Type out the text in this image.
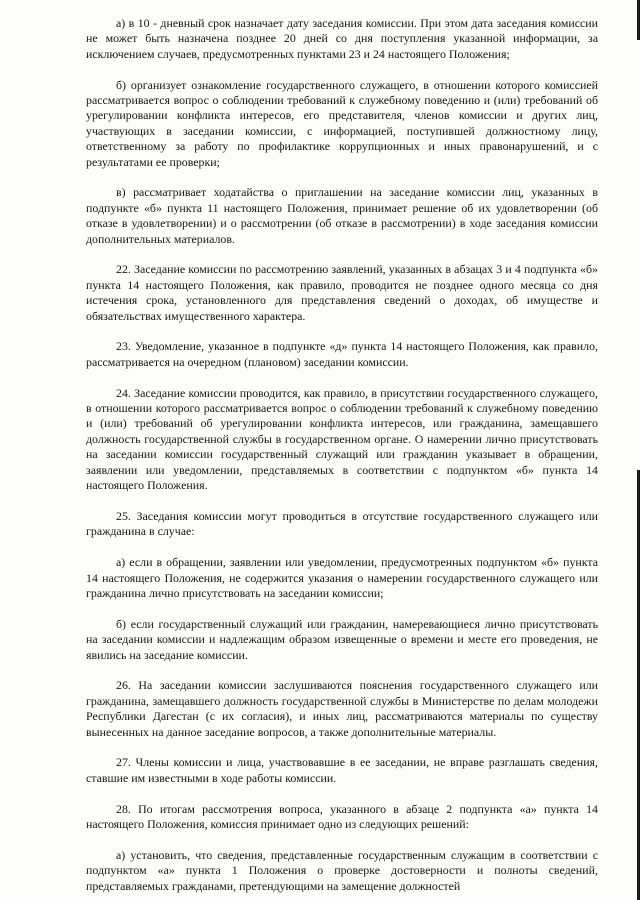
а) в 10 - дневный срок назначает дату заседания комиссии. При этом дата заседания комиссии не может быть назначена позднее 20 дней со дня поступления указанной информации, за исключением случаев, предусмотренных пунктами 23 и 24 настоящего Положения;

б) организует ознакомление государственного служащего, в отношении которого комиссией рассматривается вопрос о соблюдении требований к служебному поведению и (или) требований об урегулировании конфликта интересов, его представителя, членов комиссии и других лиц, участвующих в заседании комиссии, с информацией, поступившей должностному лицу, ответственному за работу по профилактике коррупционных и иных правонарушений, и с результатами ее проверки;

в) рассматривает ходатайства о приглашении на заседание комиссии лиц, указанных в подпункте «б» пункта 11 настоящего Положения, принимает решение об их удовлетворении (об отказе в удовлетворении) и о рассмотрении (об отказе в рассмотрении) в ходе заседания комиссии дополнительных материалов.

22. Заседание комиссии по рассмотрению заявлений, указанных в абзацах 3 и 4 подпункта «б» пункта 14 настоящего Положения, как правило, проводится не позднее одного месяца со дня истечения срока, установленного для представления сведений о доходах, об имуществе и обязательствах имущественного характера.

23. Уведомление, указанное в подпункте «д» пункта 14 настоящего Положения, как правило, рассматривается на очередном (плановом) заседании комиссии.

24. Заседание комиссии проводится, как правило, в присутствии государственного служащего, в отношении которого рассматривается вопрос о соблюдении требований к служебному поведению и (или) требований об урегулировании конфликта интересов, или гражданина, замещавшего должность государственной службы в государственном органе. О намерении лично присутствовать на заседании комиссии государственный служащий или гражданин указывает в обращении, заявлении или уведомлении, представляемых в соответствии с подпунктом «б» пункта 14 настоящего Положения.

25. Заседания комиссии могут проводиться в отсутствие государственного служащего или гражданина в случае:

а) если в обращении, заявлении или уведомлении, предусмотренных подпунктом «б» пункта 14 настоящего Положения, не содержится указания о намерении государственного служащего или гражданина лично присутствовать на заседании комиссии;

б) если государственный служащий или гражданин, намеревающиеся лично присутствовать на заседании комиссии и надлежащим образом извещенные о времени и месте его проведения, не явились на заседание комиссии.

26. На заседании комиссии заслушиваются пояснения государственного служащего или гражданина, замещавшего должность государственной службы в Министерстве по делам молодежи Республики Дагестан (с их согласия), и иных лиц, рассматриваются материалы по существу вынесенных на данное заседание вопросов, а также дополнительные материалы.

27. Члены комиссии и лица, участвовавшие в ее заседании, не вправе разглашать сведения, ставшие им известными в ходе работы комиссии.

28. По итогам рассмотрения вопроса, указанного в абзаце 2 подпункта «а» пункта 14 настоящего Положения, комиссия принимает одно из следующих решений:

а) установить, что сведения, представленные государственным служащим в соответствии с подпунктом «а» пункта 1 Положения о проверке достоверности и полноты сведений, представляемых гражданами, претендующими на замещение должностей
